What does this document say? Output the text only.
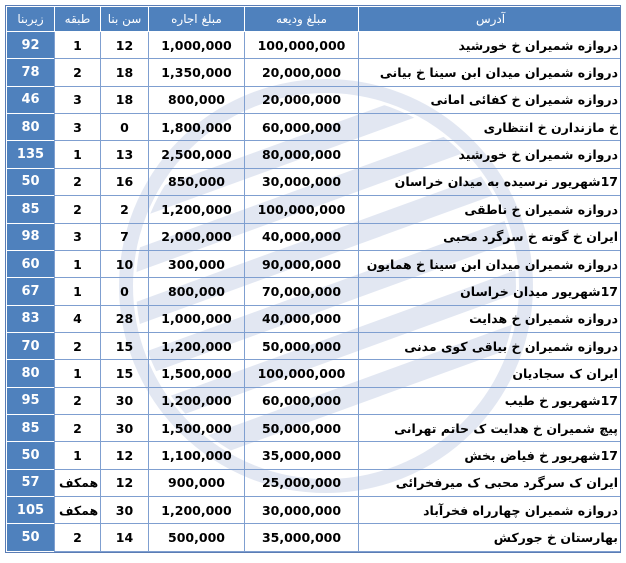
آدرس	مبلغ ودیعه	مبلغ اجاره	سن بنا	طبقه	زیربنا
دروازه شمیران خ خورشید	100,000,000	1,000,000	12	1	92
دروازه شمیران میدان ابن سینا خ بیانی	20,000,000	1,350,000	18	2	78
دروازه شمیران خ کفائی امانی	20,000,000	800,000	18	3	46
خ مازندارن خ انتظاری	60,000,000	1,800,000	0	3	80
دروازه شمیران خ خورشید	80,000,000	2,500,000	13	1	135
17شهریور نرسیده به میدان خراسان	30,000,000	850,000	16	2	50
دروازه شمیران خ ناطقی	100,000,000	1,200,000	2	2	85
ایران خ گوته خ سرگرد محبی	40,000,000	2,000,000	7	3	98
دروازه شمیران میدان ابن سینا خ همایون	90,000,000	300,000	10	1	60
17شهریور میدان خراسان	70,000,000	800,000	0	1	67
دروازه شمیران خ هدایت	40,000,000	1,000,000	28	4	83
دروازه شمیران خ بیاقی کوی مدنی	50,000,000	1,200,000	15	2	70
ایران ک سجادیان	100,000,000	1,500,000	15	1	80
17شهریور خ طیب	60,000,000	1,200,000	30	2	95
پیچ شمیران خ هدایت ک حاتم تهرانی	50,000,000	1,500,000	30	2	85
17شهریور خ فیاض بخش	35,000,000	1,100,000	12	1	50
ایران ک سرگرد محبی ک میرفخرائی	25,000,000	900,000	12	همکف	57
دروازه شمیران چهارراه فخرآباد	30,000,000	1,200,000	30	همکف	105
بهارستان خ جورکش	35,000,000	500,000	14	2	50
